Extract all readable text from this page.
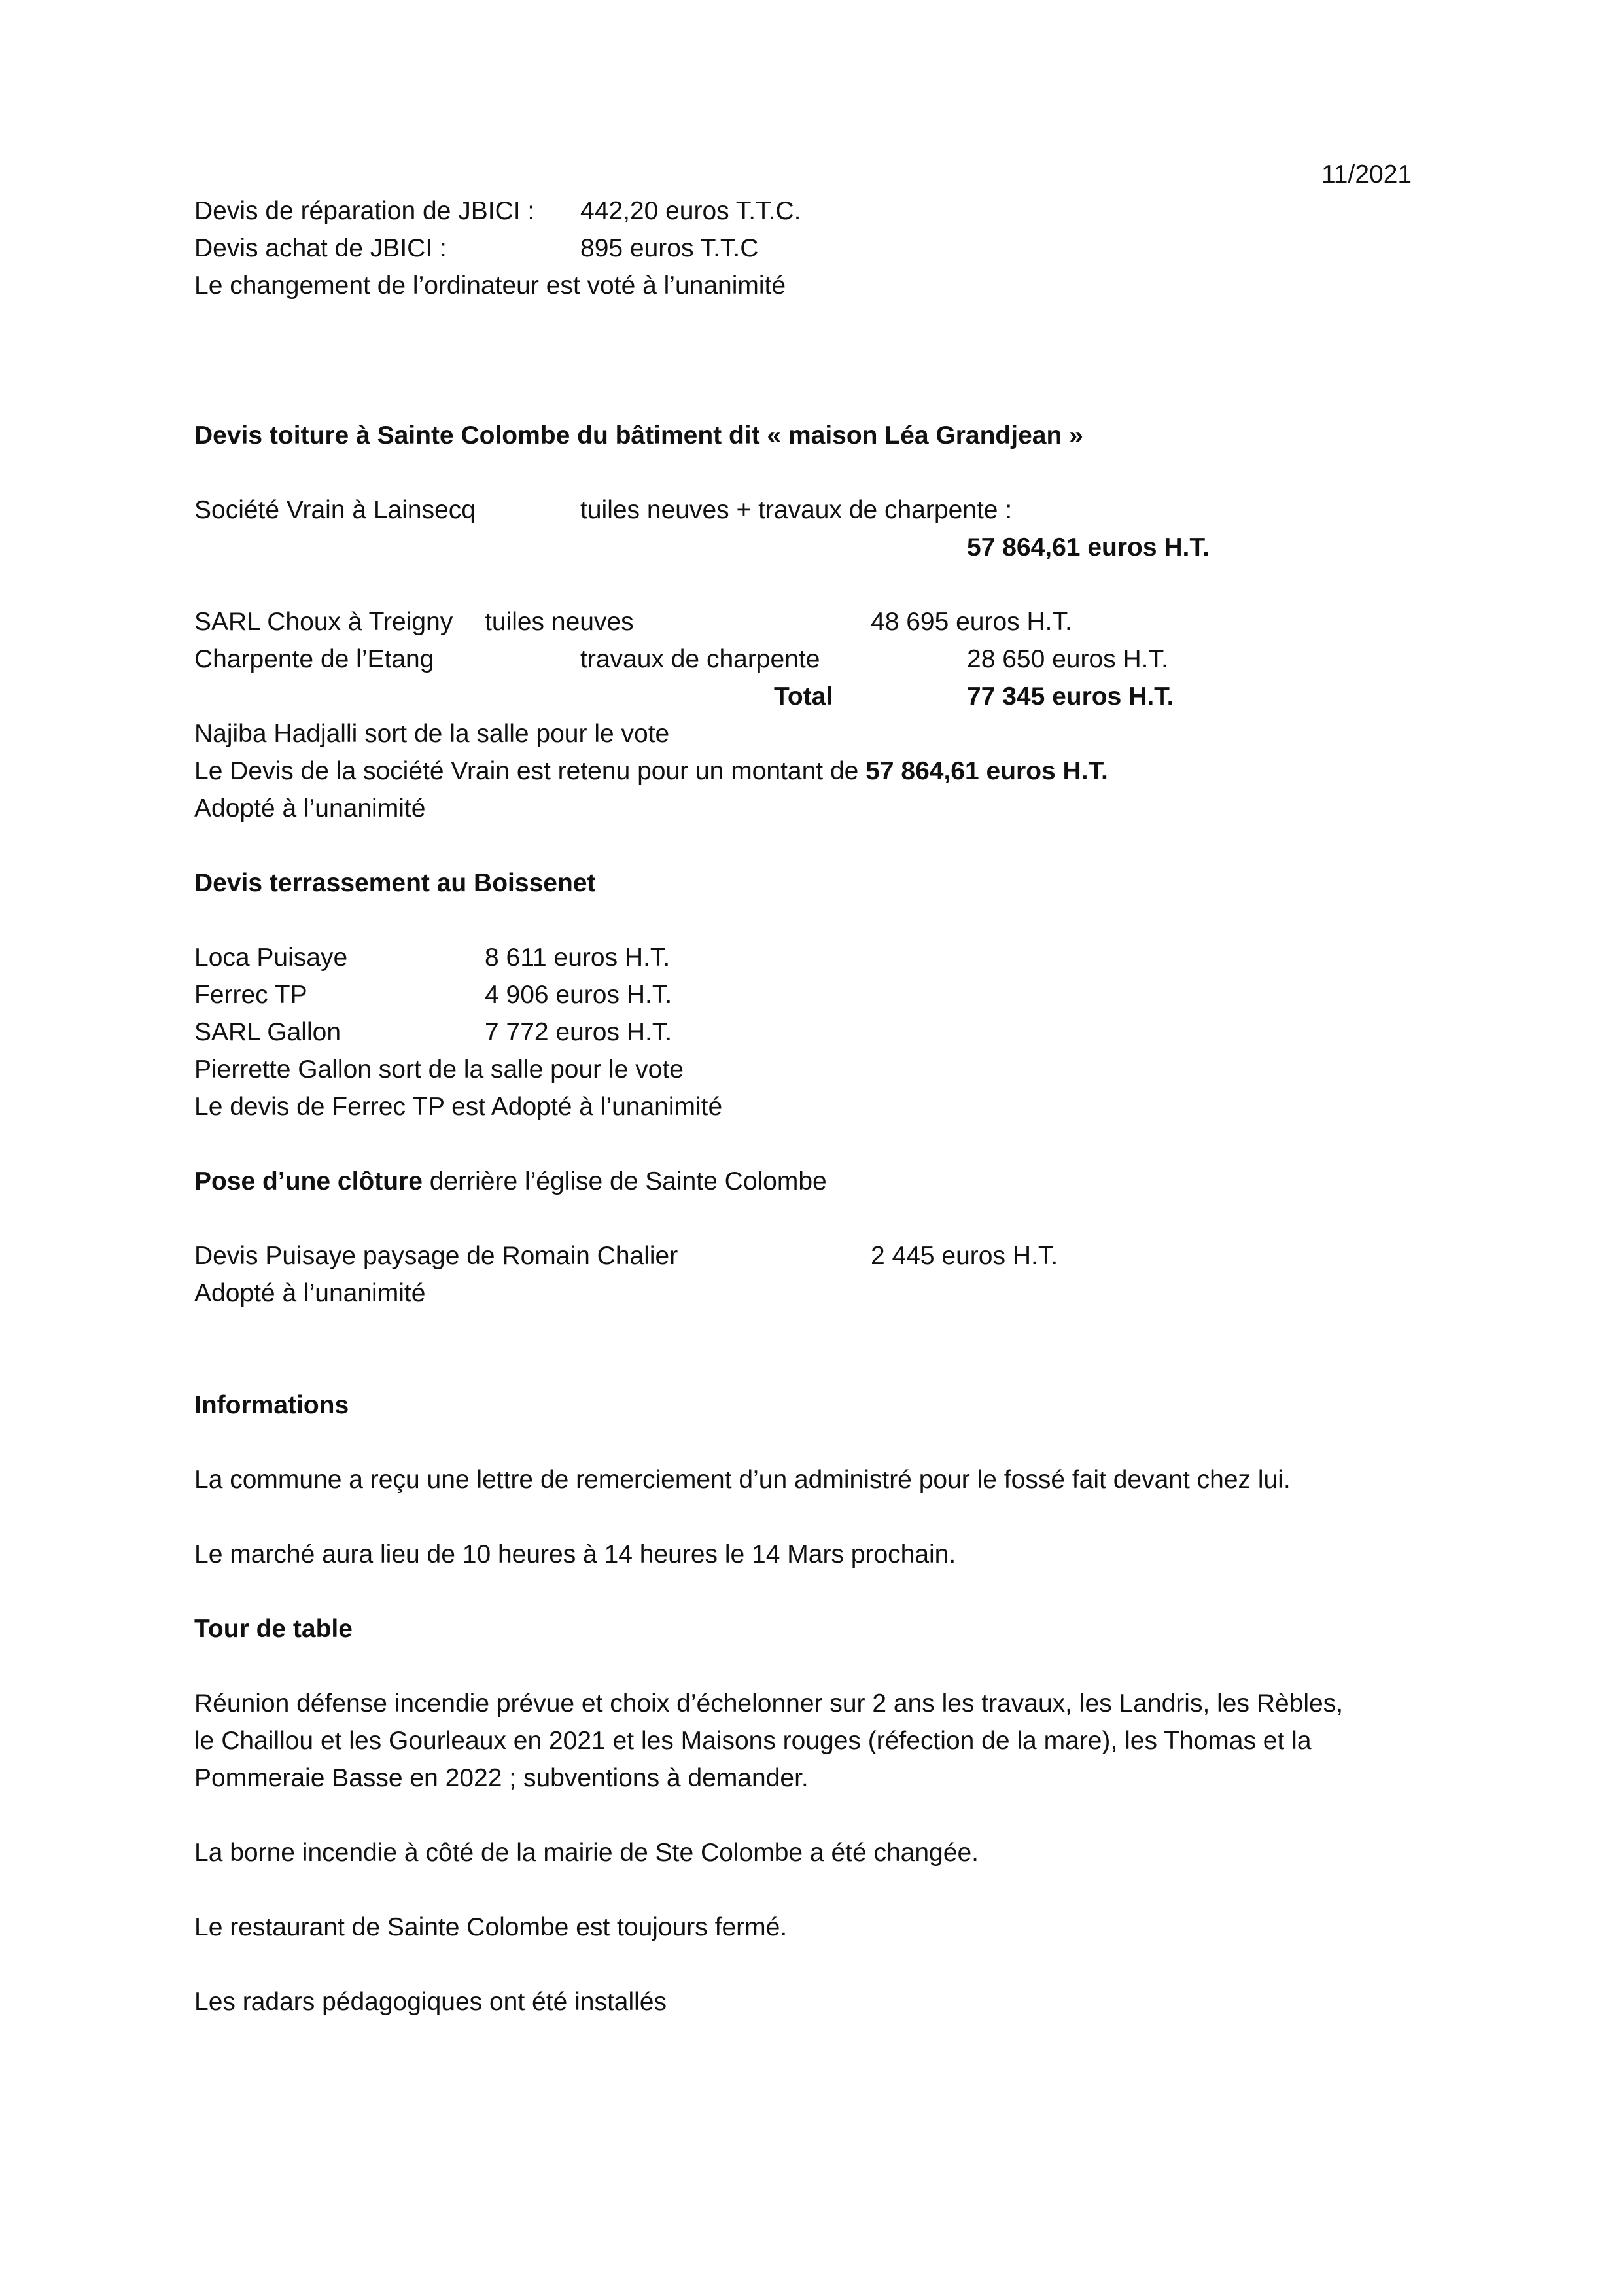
11/2021
Devis de réparation de JBICI : 442,20 euros T.T.C.
Devis achat de JBICI :	895 euros T.T.C
Le changement de l’ordinateur est voté à l’unanimité
Devis toiture à Sainte Colombe du bâtiment dit « maison Léa Grandjean »
Société Vrain à Lainsecq	tuiles neuves + travaux de charpente :
57 864,61 euros H.T.
SARL Choux à Treigny tuiles neuves	48 695 euros H.T.
Charpente de l’Etang	travaux de charpente	28 650 euros H.T.
Total	77 345 euros H.T.
Najiba Hadjalli sort de la salle pour le vote
Le Devis de la société Vrain est retenu pour un montant de 57 864,61 euros H.T.
Adopté à l’unanimité
Devis terrassement au Boissenet
Loca Puisaye	8 611 euros H.T.
Ferrec TP	4 906 euros H.T.
SARL Gallon	7 772 euros H.T.
Pierrette Gallon sort de la salle pour le vote
Le devis de Ferrec TP est Adopté à l’unanimité
Pose d’une clôture derrière l’église de Sainte Colombe
Devis Puisaye paysage de Romain Chalier	2 445 euros H.T.
Adopté à l’unanimité
Informations
La commune a reçu une lettre de remerciement d’un administré pour le fossé fait devant chez lui.
Le marché aura lieu de 10 heures à 14 heures le 14 Mars prochain.
Tour de table
Réunion défense incendie prévue et choix d’échelonner sur 2 ans les travaux, les Landris, les Rèbles,
le Chaillou et les Gourleaux en 2021 et les Maisons rouges (réfection de la mare), les Thomas et la
Pommeraie Basse en 2022 ; subventions à demander.
La borne incendie à côté de la mairie de Ste Colombe a été changée.
Le restaurant de Sainte Colombe est toujours fermé.
Les radars pédagogiques ont été installés
